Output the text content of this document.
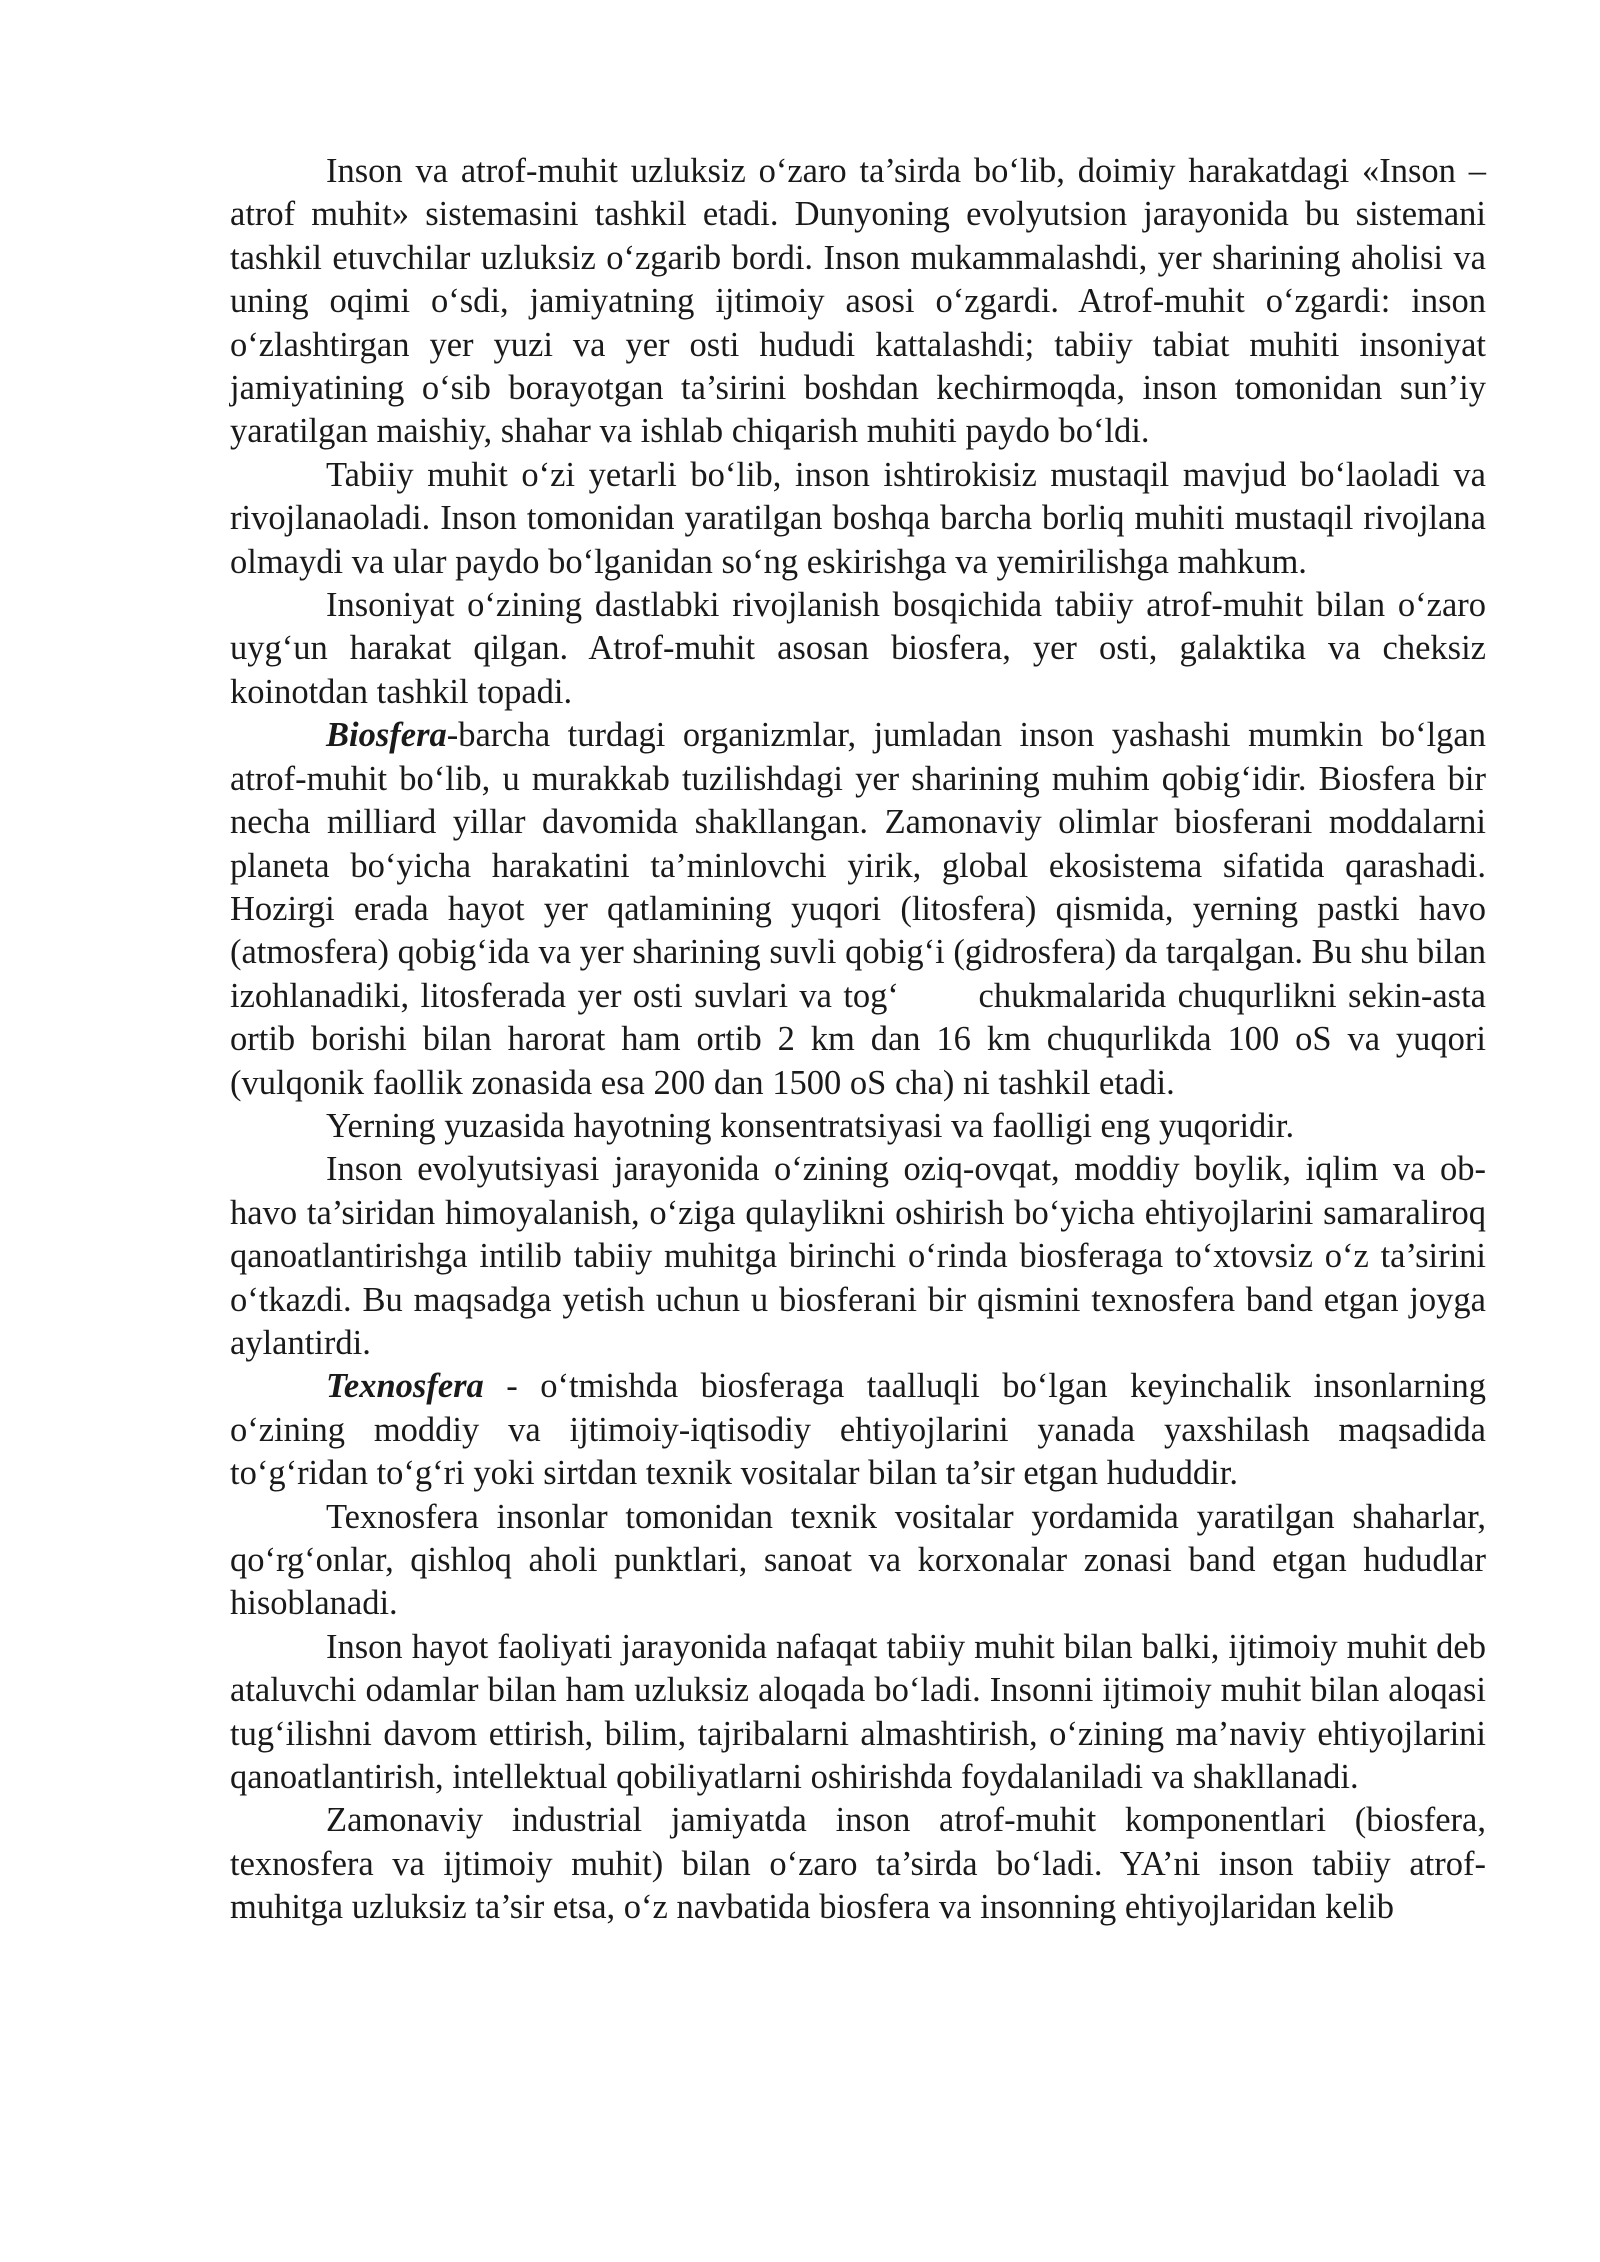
Inson va atrof-muhit uzluksiz o‘zaro ta’sirda bo‘lib, doimiy harakatdagi «Inson – atrof muhit» sistemasini tashkil etadi. Dunyoning evolyutsion jarayonida bu sistemani tashkil etuvchilar uzluksiz o‘zgarib bordi. Inson mukammalashdi, yer sharining aholisi va uning oqimi o‘sdi, jamiyatning ijtimoiy asosi o‘zgardi. Atrof-muhit o‘zgardi: inson o‘zlashtirgan yer yuzi va yer osti hududi kattalashdi; tabiiy tabiat muhiti insoniyat jamiyatining o‘sib borayotgan ta’sirini boshdan kechirmoqda, inson tomonidan sun’iy yaratilgan maishiy, shahar va ishlab chiqarish muhiti paydo bo‘ldi.

Tabiiy muhit o‘zi yetarli bo‘lib, inson ishtirokisiz mustaqil mavjud bo‘laoladi va rivojlanaoladi. Inson tomonidan yaratilgan boshqa barcha borliq muhiti mustaqil rivojlana olmaydi va ular paydo bo‘lganidan so‘ng eskirishga va yemirilishga mahkum.

Insoniyat o‘zining dastlabki rivojlanish bosqichida tabiiy atrof-muhit bilan o‘zaro uyg‘un harakat qilgan. Atrof-muhit asosan biosfera, yer osti, galaktika va cheksiz koinotdan tashkil topadi.

Biosfera-barcha turdagi organizmlar, jumladan inson yashashi mumkin bo‘lgan atrof-muhit bo‘lib, u murakkab tuzilishdagi yer sharining muhim qobig‘idir. Biosfera bir necha milliard yillar davomida shakllangan. Zamonaviy olimlar biosferani moddalarni planeta bo‘yicha harakatini ta’minlovchi yirik, global ekosistema sifatida qarashadi. Hozirgi erada hayot yer qatlamining yuqori (litosfera) qismida, yerning pastki havo (atmosfera) qobig‘ida va yer sharining suvli qobig‘i (gidrosfera) da tarqalgan. Bu shu bilan izohlanadiki, litosferada yer osti suvlari va tog‘       chukmalarida chuqurlikni sekin-asta ortib borishi bilan harorat ham ortib 2 km dan 16 km chuqurlikda 100 oS va yuqori (vulqonik faollik zonasida esa 200 dan 1500 oS cha) ni tashkil etadi.

Yerning yuzasida hayotning konsentratsiyasi va faolligi eng yuqoridir.

Inson evolyutsiyasi jarayonida o‘zining oziq-ovqat, moddiy boylik, iqlim va ob-havo ta’siridan himoyalanish, o‘ziga qulaylikni oshirish bo‘yicha ehtiyojlarini samaraliroq qanoatlantirishga intilib tabiiy muhitga birinchi o‘rinda biosferaga to‘xtovsiz o‘z ta’sirini o‘tkazdi. Bu maqsadga yetish uchun u biosferani bir qismini texnosfera band etgan joyga aylantirdi.

Texnosfera - o‘tmishda biosferaga taalluqli bo‘lgan keyinchalik insonlarning o‘zining moddiy va ijtimoiy-iqtisodiy ehtiyojlarini yanada yaxshilash maqsadida to‘g‘ridan to‘g‘ri yoki sirtdan texnik vositalar bilan ta’sir etgan hududdir.

Texnosfera insonlar tomonidan texnik vositalar yordamida yaratilgan shaharlar, qo‘rg‘onlar, qishloq aholi punktlari, sanoat va korxonalar zonasi band etgan hududlar hisoblanadi.

Inson hayot faoliyati jarayonida nafaqat tabiiy muhit bilan balki, ijtimoiy muhit deb ataluvchi odamlar bilan ham uzluksiz aloqada bo‘ladi. Insonni ijtimoiy muhit bilan aloqasi tug‘ilishni davom ettirish, bilim, tajribalarni almashtirish, o‘zining ma’naviy ehtiyojlarini qanoatlantirish, intellektual qobiliyatlarni oshirishda foydalaniladi va shakllanadi.

Zamonaviy industrial jamiyatda inson atrof-muhit komponentlari (biosfera, texnosfera va ijtimoiy muhit) bilan o‘zaro ta’sirda bo‘ladi. YA’ni inson tabiiy atrof-muhitga uzluksiz ta’sir etsa, o‘z navbatida biosfera va insonning ehtiyojlaridan kelib
